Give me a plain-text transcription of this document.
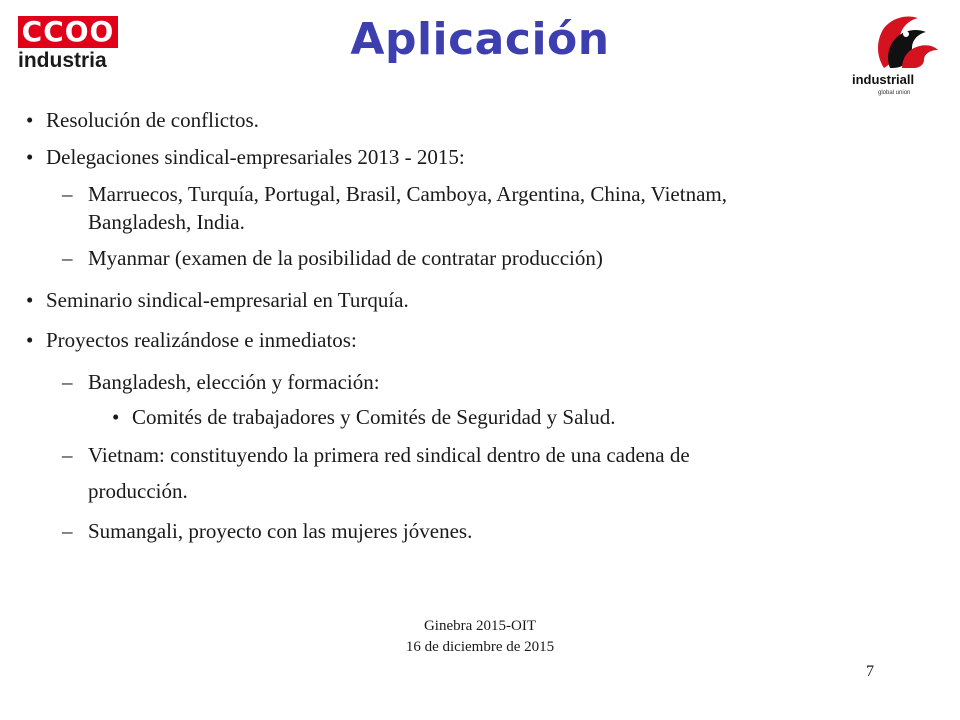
CCOO
industria
industriall
global union
Aplicación
• Resolución de conflictos.
• Delegaciones sindical-empresariales 2013 - 2015:
– Marruecos, Turquía, Portugal, Brasil, Camboya, Argentina, China, Vietnam,
Bangladesh, India.
– Myanmar (examen de la posibilidad de contratar producción)
• Seminario sindical-empresarial en Turquía.
• Proyectos realizándose e inmediatos:
– Bangladesh, elección y formación:
• Comités de trabajadores y Comités de Seguridad y Salud.
– Vietnam: constituyendo la primera red sindical dentro de una cadena de
producción.
– Sumangali, proyecto con las mujeres jóvenes.
Ginebra 2015-OIT
16 de diciembre de 2015
7
